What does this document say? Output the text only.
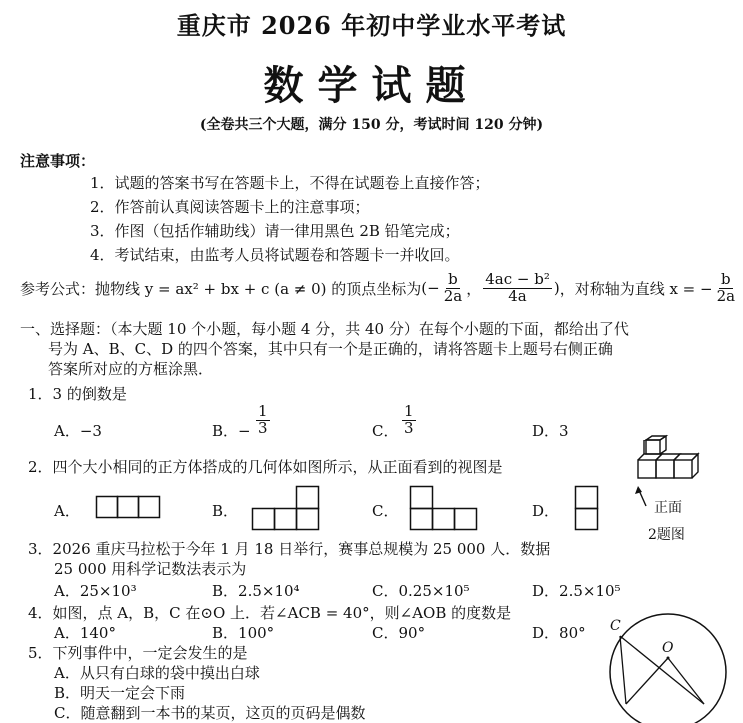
重庆市 2026 年初中学业水平考试
数学试题
(全卷共三个大题，满分 150 分，考试时间 120 分钟)
注意事项：
1．试题的答案书写在答题卡上，不得在试题卷上直接作答；
2．作答前认真阅读答题卡上的注意事项；
3．作图（包括作辅助线）请一律用黑色 2B 铅笔完成；
4．考试结束，由监考人员将试题卷和答题卡一并收回。
参考公式： 抛物线 y = ax² + bx + c (a ≠ 0) 的顶点坐标为 (− $\frac{b}{2a}$ ， $\frac{\text{4ac − b²}}{4a}$ ) ，对称轴为直线 x = − $\frac{b}{2a}$
一、选择题：（本大题 10 个小题，每小题 4 分，共 40 分）在每个小题的下面，都给出了代
号为 A、B、C、D 的四个答案，其中只有一个是正确的，请将答题卡上题号右侧正确
答案所对应的方框涂黑．
1．3 的倒数是
A．−3	B．− $\frac{1}{3}$	C． $\frac{1}{3}$	D．3
2．四个大小相同的正方体搭成的几何体如图所示，从正面看到的视图是
A．	B．	C．	D．	正面
2题图
3．2026 重庆马拉松于今年 1 月 18 日举行，赛事总规模为 25 000 人．数据
25 000 用科学记数法表示为
A．25×10³	B．2.5×10⁴	C．0.25×10⁵	D．2.5×10⁵
4．如图，点 A，B，C 在⊙O 上．若∠ACB = 40°，则∠AOB 的度数是
A．140°	B．100°	C．90°	D．80° C
O
5．下列事件中，一定会发生的是
A．从只有白球的袋中摸出白球
B．明天一定会下雨
C．随意翻到一本书的某页，这页的页码是偶数
